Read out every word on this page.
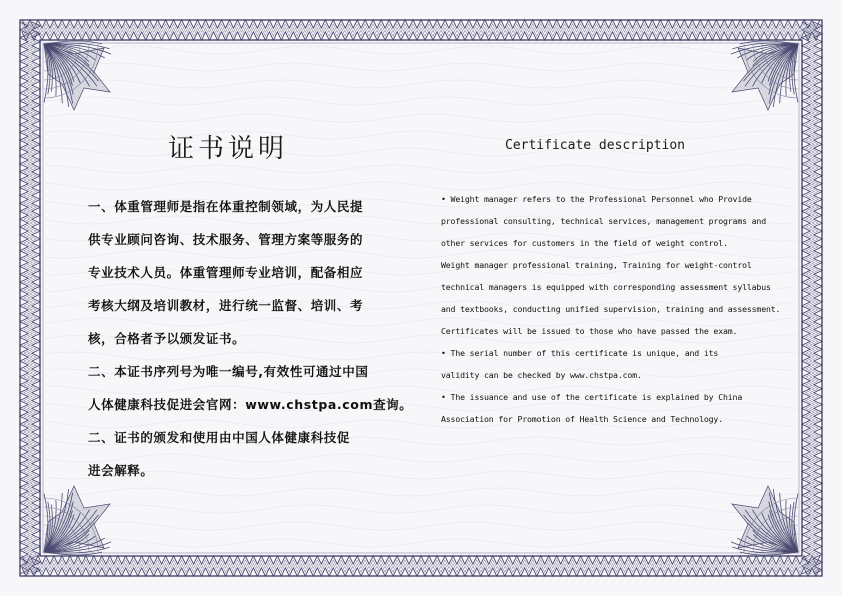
证书说明
一、体重管理师是指在体重控制领域，为人民提
供专业顾问咨询、技术服务、管理方案等服务的
专业技术人员。体重管理师专业培训，配备相应
考核大纲及培训教材，进行统一监督、培训、考
核，合格者予以颁发证书。
二、本证书序列号为唯一编号,有效性可通过中国
人体健康科技促进会官网：www.chstpa.com查询。
二、证书的颁发和使用由中国人体健康科技促
进会解释。
Certificate description
• Weight manager refers to the Professional Personnel who Provide
professional consulting, technical services, management programs and
other services for customers in the field of weight control.
Weight manager professional training, Training for weight-control
technical managers is equipped with corresponding assessment syllabus
and textbooks, conducting unified supervision, training and assessment.
Certificates will be issued to those who have passed the exam.
• The serial number of this certificate is unique, and its
validity can be checked by www.chstpa.com.
• The issuance and use of the certificate is explained by China
Association for Promotion of Health Science and Technology.
